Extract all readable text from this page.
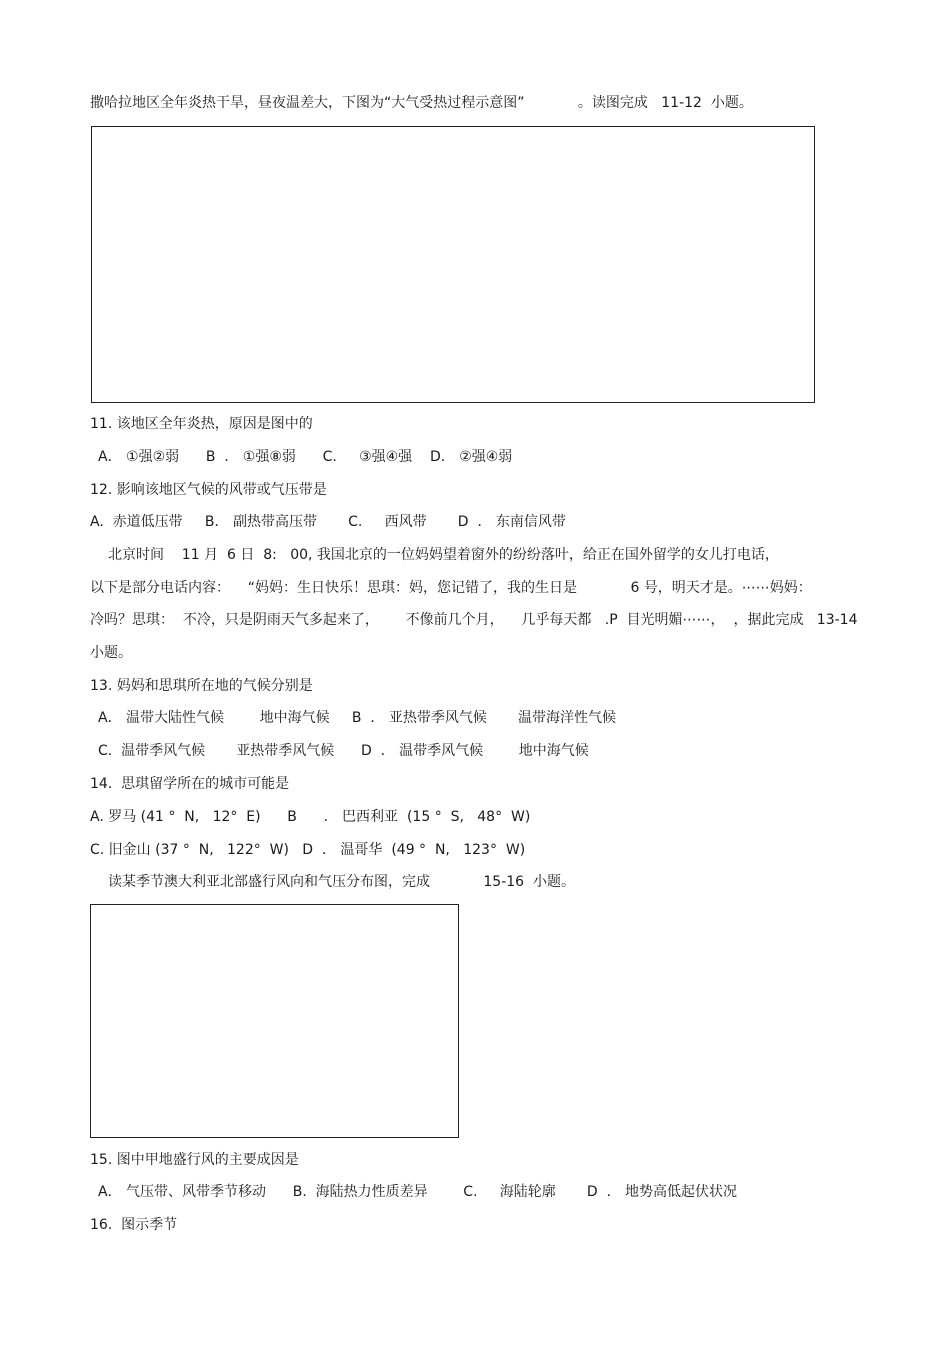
撒哈拉地区全年炎热干旱，昼夜温差大，下图为“大气受热过程示意图”            。读图完成   11-12  小题。
11. 该地区全年炎热，原因是图中的
A． ①强②弱      B  ． ①强⑧弱      C.     ③强④强    D． ②强④弱
12. 影响该地区气候的风带或气压带是
A.  赤道低压带     B． 副热带高压带       C.     西风带       D  ． 东南信风带
北京时间    11 月  6 日  8:   00, 我国北京的一位妈妈望着窗外的纷纷落叶，给正在国外留学的女儿打电话，
以下是部分电话内容：    “妈妈：生日快乐！思琪：妈，您记错了，我的生日是            6 号，明天才是。⋯⋯妈妈：
冷吗？思琪：  不冷，只是阴雨天气多起来了，      不像前几个月，    几乎每天都   .P  目光明媚⋯⋯，  ，据此完成   13-14
小题。
13. 妈妈和思琪所在地的气候分别是
A． 温带大陆性气候        地中海气候     B  ． 亚热带季风气候       温带海洋性气候
C.  温带季风气候       亚热带季风气候      D  ． 温带季风气候        地中海气候
14.  思琪留学所在的城市可能是
A. 罗马 (41 °  N,   12°  E)      B      ． 巴西利亚  (15 °  S,   48°  W)
C. 旧金山 (37 °  N,   122°  W)   D  ． 温哥华  (49 °  N,   123°  W)
读某季节澳大利亚北部盛行风向和气压分布图，完成            15-16  小题。
15. 图中甲地盛行风的主要成因是
A． 气压带、风带季节移动      B.  海陆热力性质差异        C.     海陆轮廓       D  ． 地势高低起伏状况
16.  图示季节
